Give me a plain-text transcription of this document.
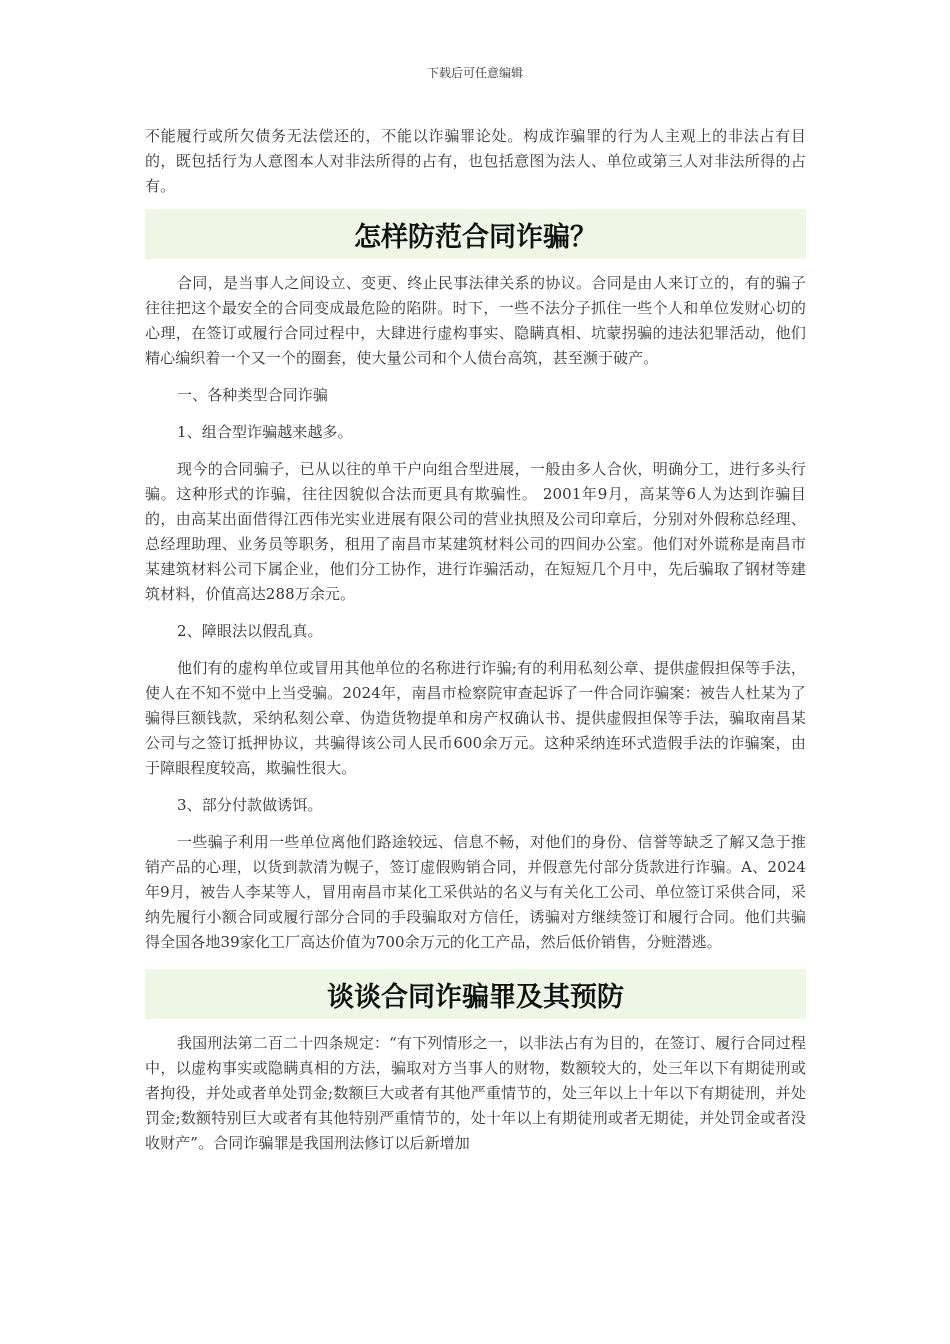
下载后可任意编辑

不能履行或所欠债务无法偿还的，不能以诈骗罪论处。构成诈骗罪的行为人主观上的非法占有目的，既包括行为人意图本人对非法所得的占有，也包括意图为法人、单位或第三人对非法所得的占有。

怎样防范合同诈骗？

合同，是当事人之间设立、变更、终止民事法律关系的协议。合同是由人来订立的，有的骗子往往把这个最安全的合同变成最危险的陷阱。时下，一些不法分子抓住一些个人和单位发财心切的心理，在签订或履行合同过程中，大肆进行虚构事实、隐瞒真相、坑蒙拐骗的违法犯罪活动，他们精心编织着一个又一个的圈套，使大量公司和个人债台高筑，甚至濒于破产。

一、各种类型合同诈骗

1、组合型诈骗越来越多。

现今的合同骗子，已从以往的单干户向组合型进展，一般由多人合伙，明确分工，进行多头行骗。这种形式的诈骗，往往因貌似合法而更具有欺骗性。 2001年9月，高某等6人为达到诈骗目的，由高某出面借得江西伟光实业进展有限公司的营业执照及公司印章后，分别对外假称总经理、总经理助理、业务员等职务，租用了南昌市某建筑材料公司的四间办公室。他们对外谎称是南昌市某建筑材料公司下属企业，他们分工协作，进行诈骗活动，在短短几个月中，先后骗取了钢材等建筑材料，价值高达288万余元。

2、障眼法以假乱真。

他们有的虚构单位或冒用其他单位的名称进行诈骗;有的利用私刻公章、提供虚假担保等手法，使人在不知不觉中上当受骗。2024年，南昌市检察院审查起诉了一件合同诈骗案：被告人杜某为了骗得巨额钱款，采纳私刻公章、伪造货物提单和房产权确认书、提供虚假担保等手法，骗取南昌某公司与之签订抵押协议，共骗得该公司人民币600余万元。这种采纳连环式造假手法的诈骗案，由于障眼程度较高，欺骗性很大。

3、部分付款做诱饵。

一些骗子利用一些单位离他们路途较远、信息不畅，对他们的身份、信誉等缺乏了解又急于推销产品的心理，以货到款清为幌子，签订虚假购销合同，并假意先付部分货款进行诈骗。A、2024年9月，被告人李某等人，冒用南昌市某化工采供站的名义与有关化工公司、单位签订采供合同，采纳先履行小额合同或履行部分合同的手段骗取对方信任，诱骗对方继续签订和履行合同。他们共骗得全国各地39家化工厂高达价值为700余万元的化工产品，然后低价销售，分赃潜逃。

谈谈合同诈骗罪及其预防

我国刑法第二百二十四条规定：“有下列情形之一，以非法占有为目的，在签订、履行合同过程中，以虚构事实或隐瞒真相的方法，骗取对方当事人的财物，数额较大的，处三年以下有期徒刑或者拘役，并处或者单处罚金;数额巨大或者有其他严重情节的，处三年以上十年以下有期徒刑，并处罚金;数额特别巨大或者有其他特别严重情节的，处十年以上有期徒刑或者无期徒，并处罚金或者没收财产”。合同诈骗罪是我国刑法修订以后新增加
